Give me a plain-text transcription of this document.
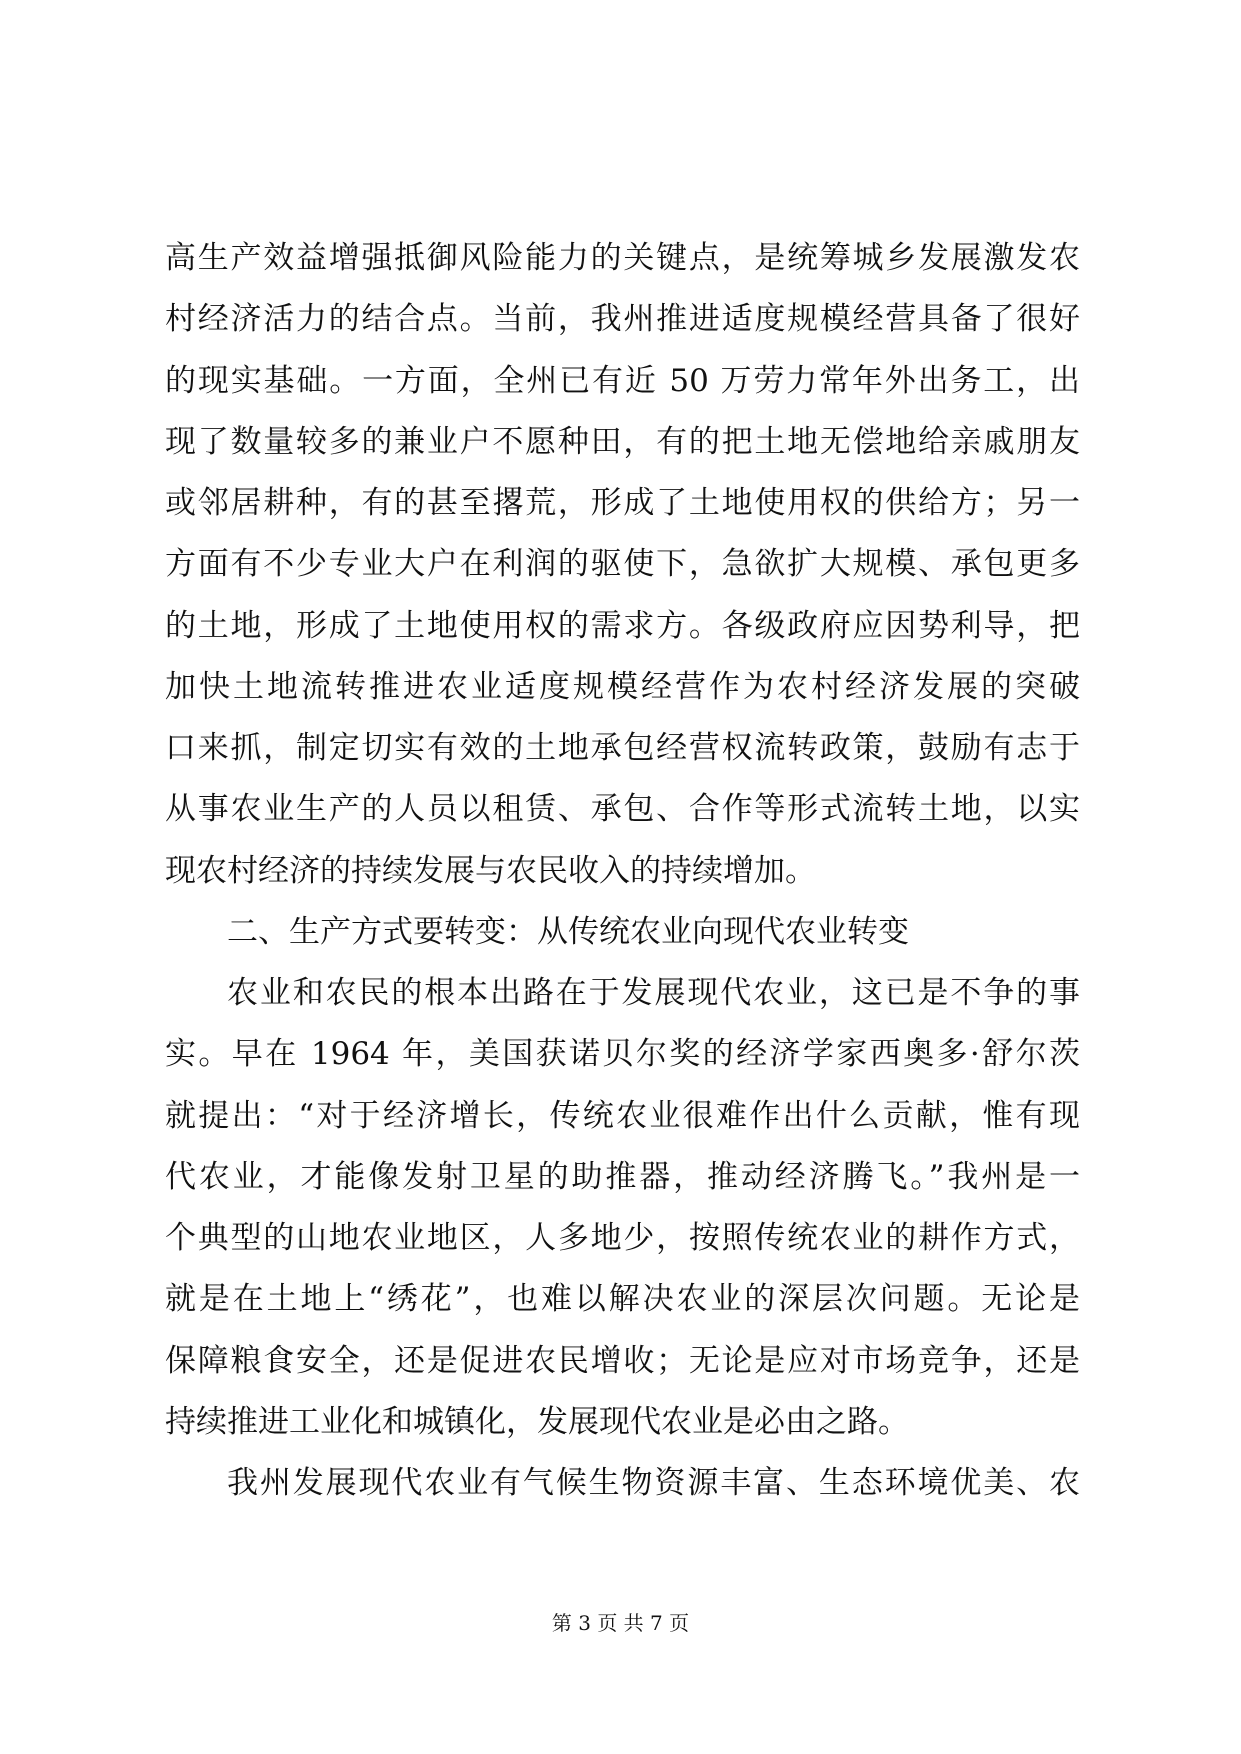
高生产效益增强抵御风险能力的关键点，是统筹城乡发展激发农
村经济活力的结合点。当前，我州推进适度规模经营具备了很好
的现实基础。一方面，全州已有近 50 万劳力常年外出务工，出
现了数量较多的兼业户不愿种田，有的把土地无偿地给亲戚朋友
或邻居耕种，有的甚至撂荒，形成了土地使用权的供给方；另一
方面有不少专业大户在利润的驱使下，急欲扩大规模、承包更多
的土地，形成了土地使用权的需求方。各级政府应因势利导，把
加快土地流转推进农业适度规模经营作为农村经济发展的突破
口来抓，制定切实有效的土地承包经营权流转政策，鼓励有志于
从事农业生产的人员以租赁、承包、合作等形式流转土地，以实
现农村经济的持续发展与农民收入的持续增加。
二、生产方式要转变：从传统农业向现代农业转变
农业和农民的根本出路在于发展现代农业，这已是不争的事
实。早在 1964 年，美国获诺贝尔奖的经济学家西奥多·舒尔茨
就提出：“对于经济增长，传统农业很难作出什么贡献，惟有现
代农业，才能像发射卫星的助推器，推动经济腾飞。”我州是一
个典型的山地农业地区，人多地少，按照传统农业的耕作方式，
就是在土地上“绣花”，也难以解决农业的深层次问题。无论是
保障粮食安全，还是促进农民增收；无论是应对市场竞争，还是
持续推进工业化和城镇化，发展现代农业是必由之路。
我州发展现代农业有气候生物资源丰富、生态环境优美、农
第 3 页 共 7 页
